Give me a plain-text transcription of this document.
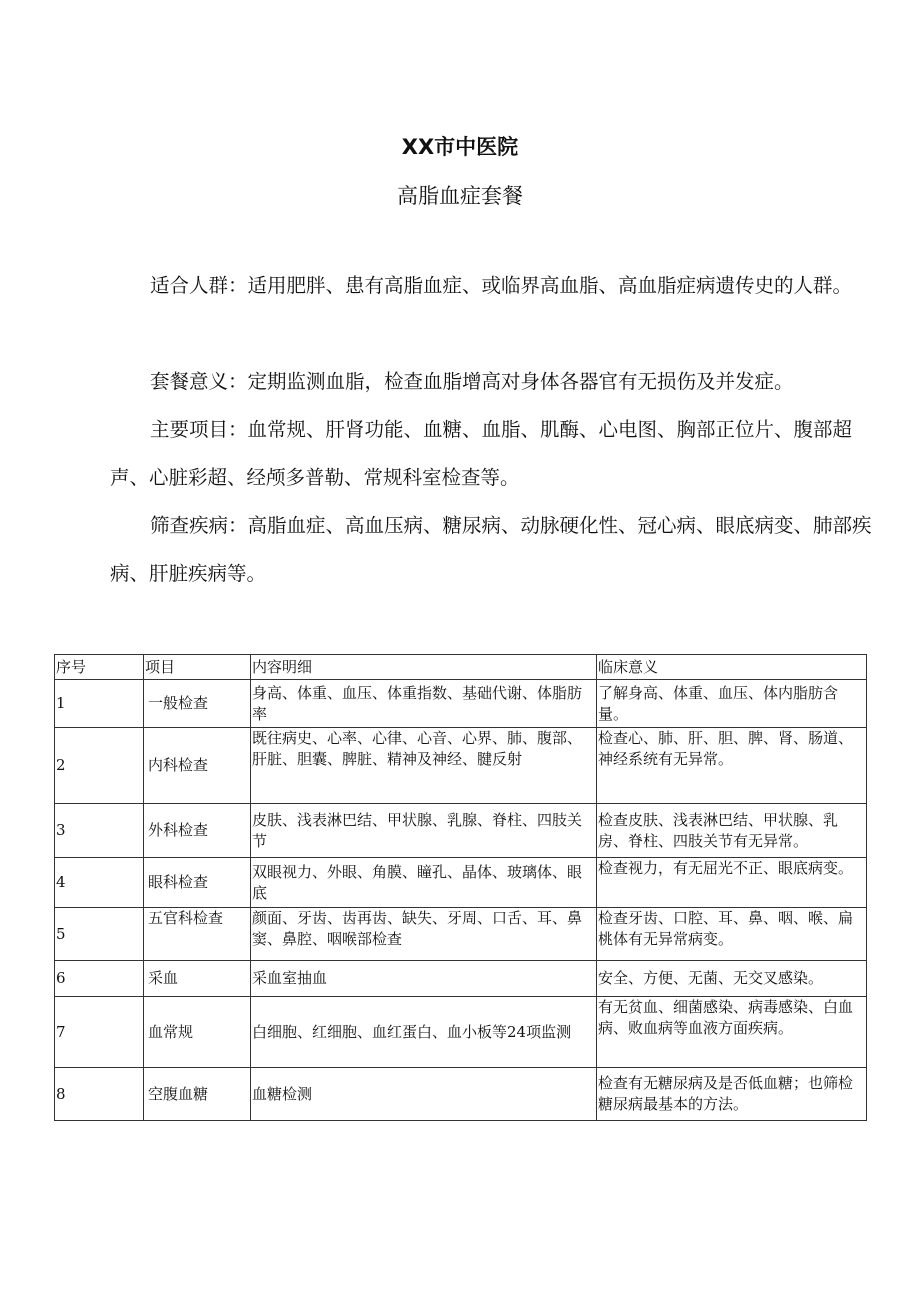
XX市中医院
高脂血症套餐

适合人群：适用肥胖、患有高脂血症、或临界高血脂、高血脂症病遗传史的人群。

套餐意义：定期监测血脂，检查血脂增高对身体各器官有无损伤及并发症。

主要项目：血常规、肝肾功能、血糖、血脂、肌酶、心电图、胸部正位片、腹部超声、心脏彩超、经颅多普勒、常规科室检查等。

筛查疾病：高脂血症、高血压病、糖尿病、动脉硬化性、冠心病、眼底病变、肺部疾病、肝脏疾病等。

序号	项目	内容明细	临床意义
1	一般检查	身高、体重、血压、体重指数、基础代谢、体脂肪率	了解身高、体重、血压、体内脂肪含量。
2	内科检查	既往病史、心率、心律、心音、心界、肺、腹部、肝脏、胆囊、脾脏、精神及神经、腱反射	检查心、肺、肝、胆、脾、肾、肠道、神经系统有无异常。
3	外科检查	皮肤、浅表淋巴结、甲状腺、乳腺、脊柱、四肢关节	检查皮肤、浅表淋巴结、甲状腺、乳房、脊柱、四肢关节有无异常。
4	眼科检查	双眼视力、外眼、角膜、瞳孔、晶体、玻璃体、眼底	检查视力，有无屈光不正、眼底病变。
5	五官科检查	颜面、牙齿、齿再齿、缺失、牙周、口舌、耳、鼻窦、鼻腔、咽喉部检查	检查牙齿、口腔、耳、鼻、咽、喉、扁桃体有无异常病变。
6	采血	采血室抽血	安全、方便、无菌、无交叉感染。
7	血常规	白细胞、红细胞、血红蛋白、血小板等24项监测	有无贫血、细菌感染、病毒感染、白血病、败血病等血液方面疾病。
8	空腹血糖	血糖检测	检查有无糖尿病及是否低血糖；也筛检糖尿病最基本的方法。
